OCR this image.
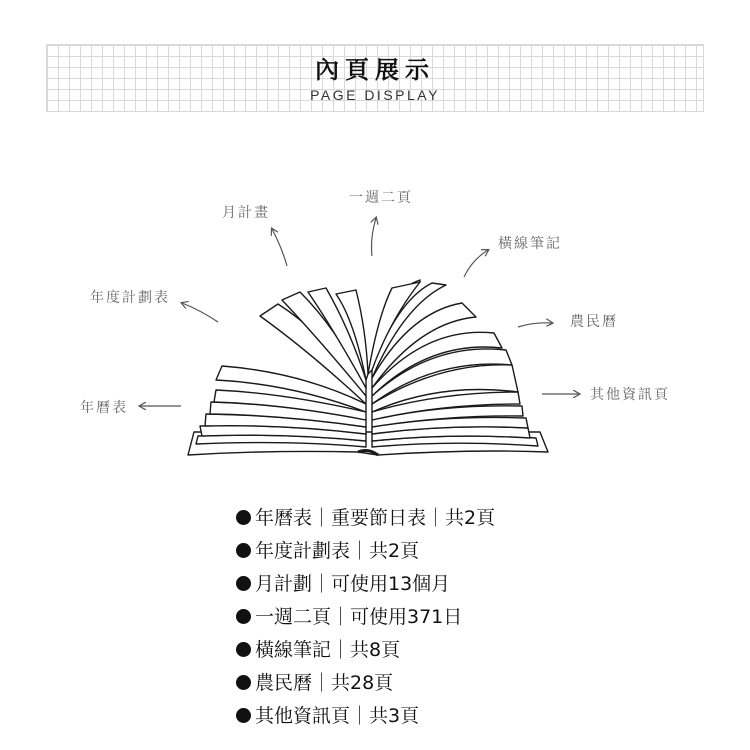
內頁展示
PAGE DISPLAY
一週二頁
月計畫
橫線筆記
年度計劃表
農民曆
其他資訊頁
年曆表
年曆表｜重要節日表｜共2頁
年度計劃表｜共2頁
月計劃｜可使用13個月
一週二頁｜可使用371日
橫線筆記｜共8頁
農民曆｜共28頁
其他資訊頁｜共3頁
